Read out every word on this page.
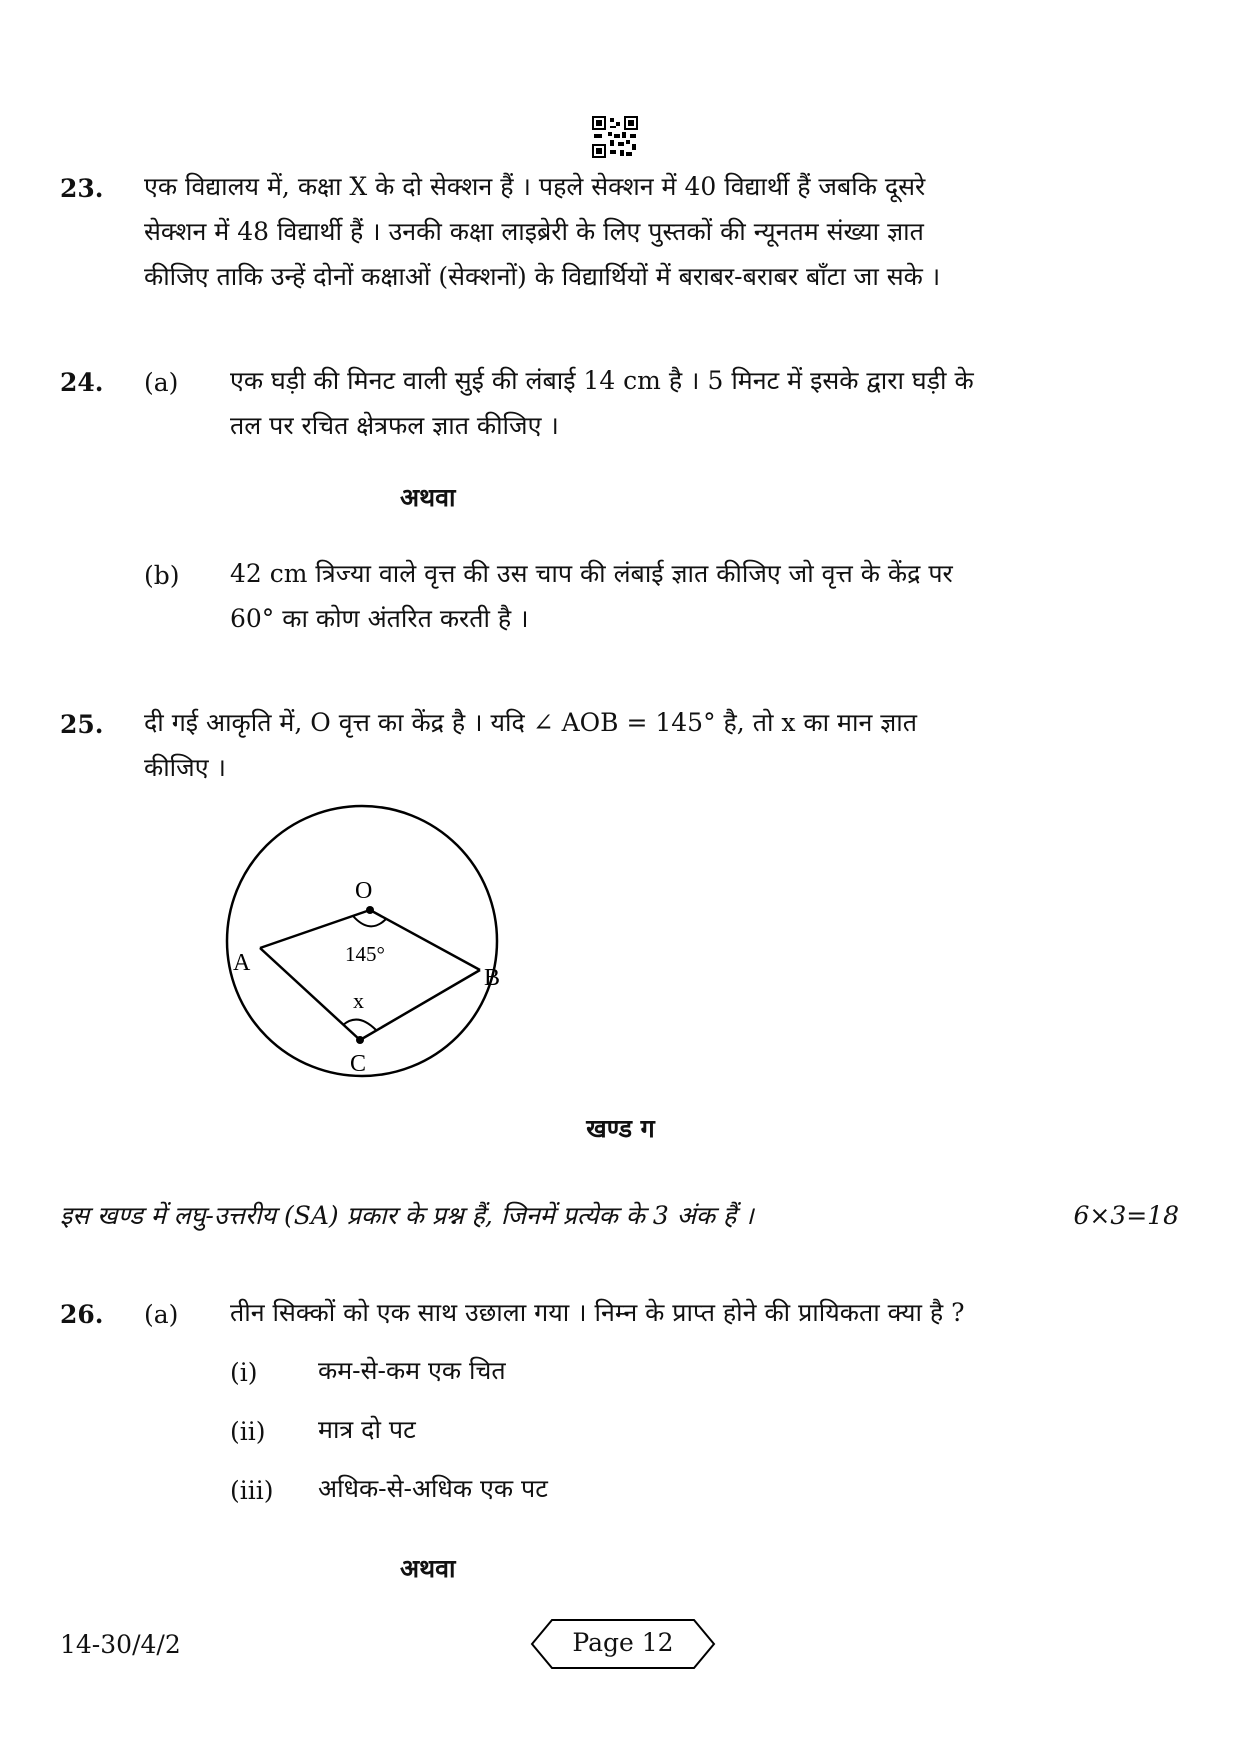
23. एक विद्यालय में, कक्षा X के दो सेक्शन हैं । पहले सेक्शन में 40 विद्यार्थी हैं जबकि दूसरे
सेक्शन में 48 विद्यार्थी हैं । उनकी कक्षा लाइब्रेरी के लिए पुस्तकों की न्यूनतम संख्या ज्ञात
कीजिए ताकि उन्हें दोनों कक्षाओं (सेक्शनों) के विद्यार्थियों में बराबर-बराबर बाँटा जा सके ।
24. (a) एक घड़ी की मिनट वाली सुई की लंबाई 14 cm है । 5 मिनट में इसके द्वारा घड़ी के
तल पर रचित क्षेत्रफल ज्ञात कीजिए ।
अथवा
(b) 42 cm त्रिज्या वाले वृत्त की उस चाप की लंबाई ज्ञात कीजिए जो वृत्त के केंद्र पर
60° का कोण अंतरित करती है ।
25. दी गई आकृति में, O वृत्त का केंद्र है । यदि ∠ AOB = 145° है, तो x का मान ज्ञात
कीजिए ।
O
A
B
C
x
145°
खण्ड ग
इस खण्ड में लघु-उत्तरीय (SA) प्रकार के प्रश्न हैं, जिनमें प्रत्येक के 3 अंक हैं ।	6×3=18
26. (a) तीन सिक्कों को एक साथ उछाला गया । निम्न के प्राप्त होने की प्रायिकता क्या है ?
(i) कम-से-कम एक चित
(ii) मात्र दो पट
(iii) अधिक-से-अधिक एक पट
अथवा
14-30/4/2	Page 12
